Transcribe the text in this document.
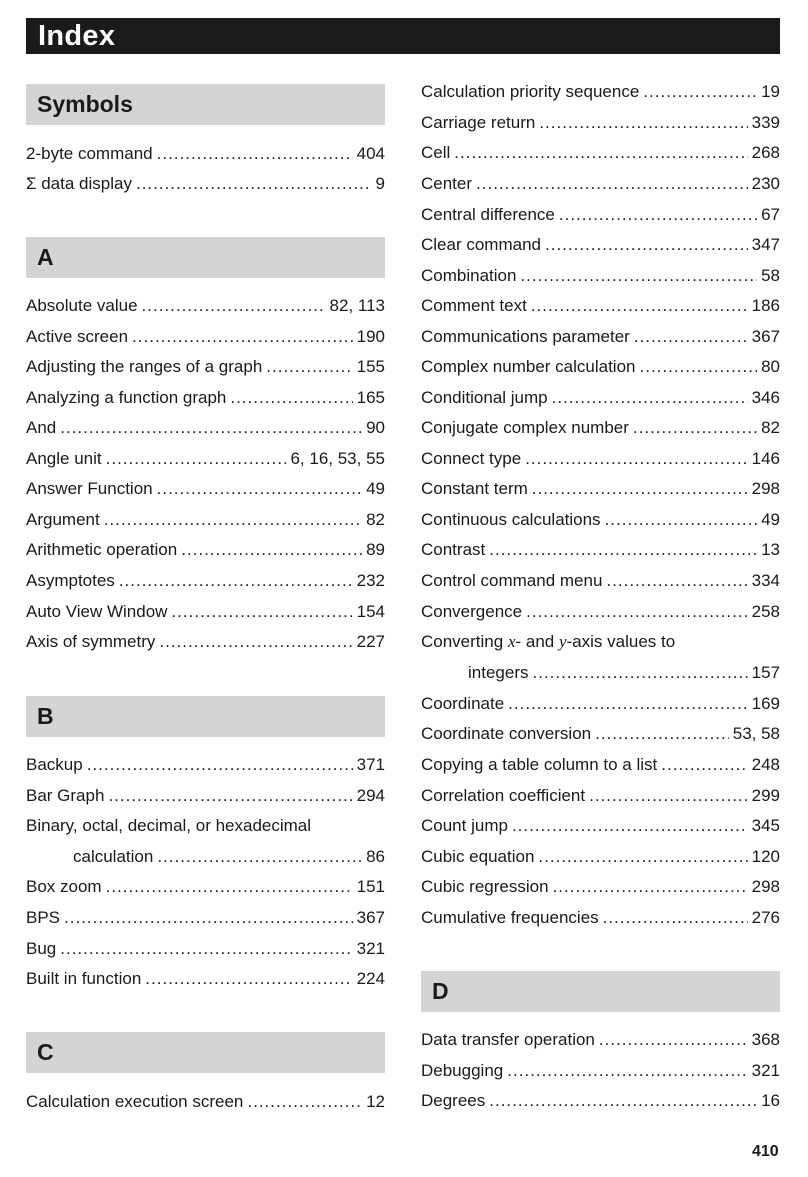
Index
Symbols
2-byte command .....	404
Σ data display .....	9
A
Absolute value .....	82, 113
Active screen .....	190
Adjusting the ranges of a graph .....	155
Analyzing a function graph .....	165
And .....	90
Angle unit .....	6, 16, 53, 55
Answer Function .....	49
Argument .....	82
Arithmetic operation .....	89
Asymptotes .....	232
Auto View Window .....	154
Axis of symmetry .....	227
B
Backup .....	371
Bar Graph .....	294
Binary, octal, decimal, or hexadecimal
calculation .....	86
Box zoom .....	151
BPS .....	367
Bug .....	321
Built in function .....	224
C
Calculation execution screen .....	12
Calculation priority sequence .....	19
Carriage return .....	339
Cell .....	268
Center .....	230
Central difference .....	67
Clear command .....	347
Combination .....	58
Comment text .....	186
Communications parameter .....	367
Complex number calculation .....	80
Conditional jump .....	346
Conjugate complex number .....	82
Connect type .....	146
Constant term .....	298
Continuous calculations .....	49
Contrast .....	13
Control command menu .....	334
Convergence .....	258
Converting x- and y-axis values to
integers .....	157
Coordinate .....	169
Coordinate conversion .....	53, 58
Copying a table column to a list .....	248
Correlation coefficient .....	299
Count jump .....	345
Cubic equation .....	120
Cubic regression .....	298
Cumulative frequencies .....	276
D
Data transfer operation .....	368
Debugging .....	321
Degrees .....	16
410
